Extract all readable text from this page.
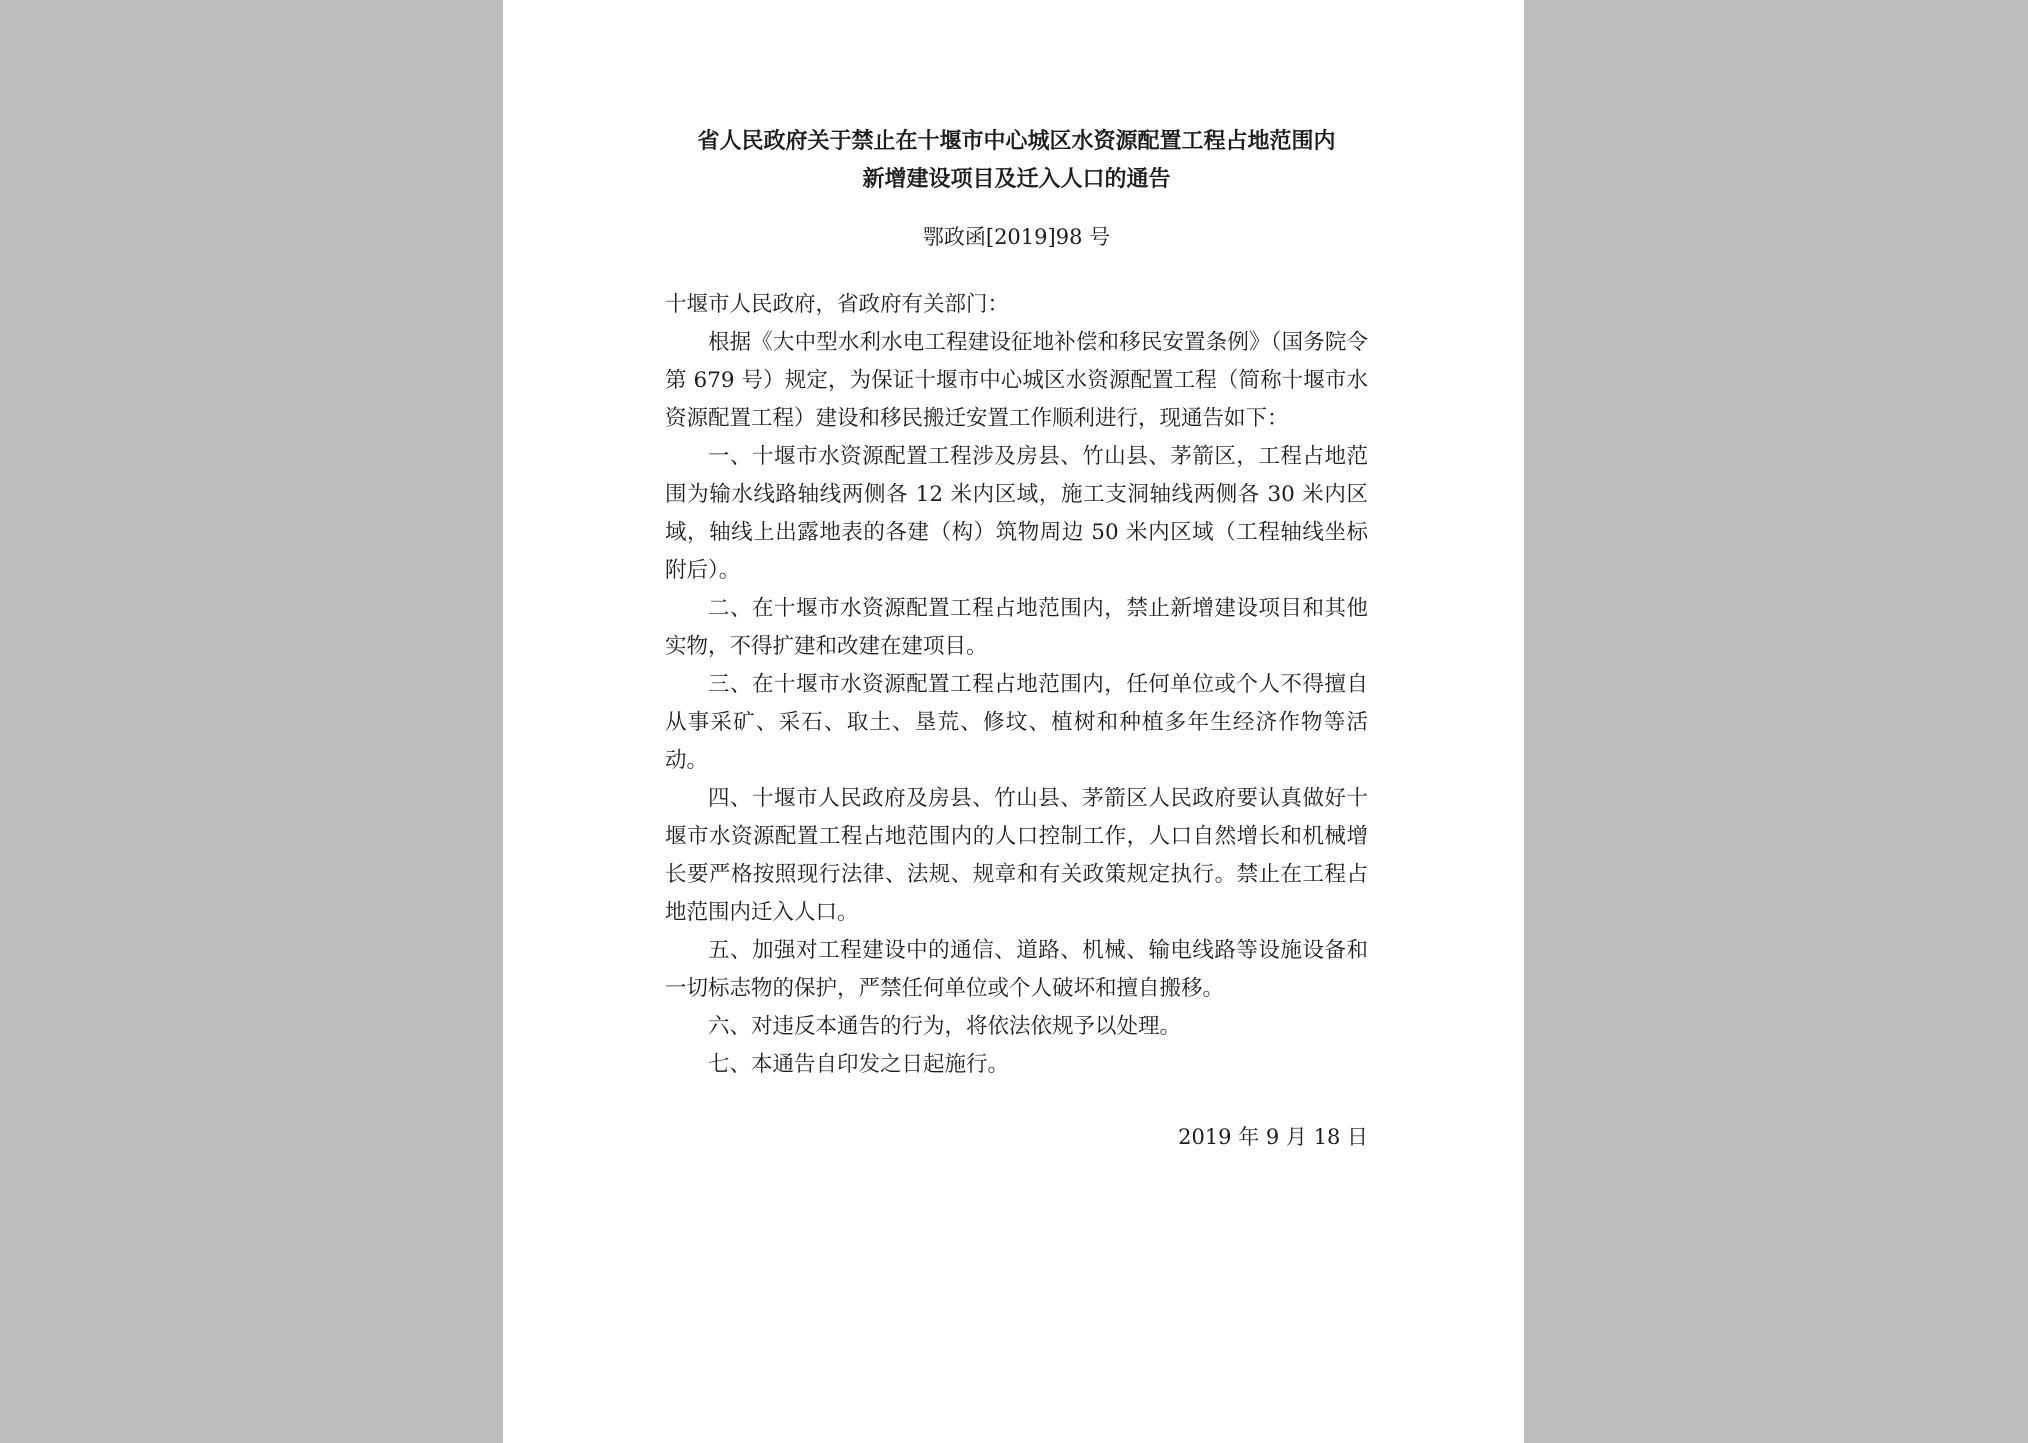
省人民政府关于禁止在十堰市中心城区水资源配置工程占地范围内
新增建设项目及迁入人口的通告
鄂政函[2019]98 号

十堰市人民政府，省政府有关部门：

根据《大中型水利水电工程建设征地补偿和移民安置条例》（国务院令第 679 号）规定，为保证十堰市中心城区水资源配置工程（简称十堰市水资源配置工程）建设和移民搬迁安置工作顺利进行，现通告如下：

一、十堰市水资源配置工程涉及房县、竹山县、茅箭区，工程占地范围为输水线路轴线两侧各 12 米内区域，施工支洞轴线两侧各 30 米内区域，轴线上出露地表的各建（构）筑物周边 50 米内区域（工程轴线坐标附后）。

二、在十堰市水资源配置工程占地范围内，禁止新增建设项目和其他实物，不得扩建和改建在建项目。

三、在十堰市水资源配置工程占地范围内，任何单位或个人不得擅自从事采矿、采石、取土、垦荒、修坟、植树和种植多年生经济作物等活动。

四、十堰市人民政府及房县、竹山县、茅箭区人民政府要认真做好十堰市水资源配置工程占地范围内的人口控制工作，人口自然增长和机械增长要严格按照现行法律、法规、规章和有关政策规定执行。禁止在工程占地范围内迁入人口。

五、加强对工程建设中的通信、道路、机械、输电线路等设施设备和一切标志物的保护，严禁任何单位或个人破坏和擅自搬移。

六、对违反本通告的行为，将依法依规予以处理。

七、本通告自印发之日起施行。

2019 年 9 月 18 日
